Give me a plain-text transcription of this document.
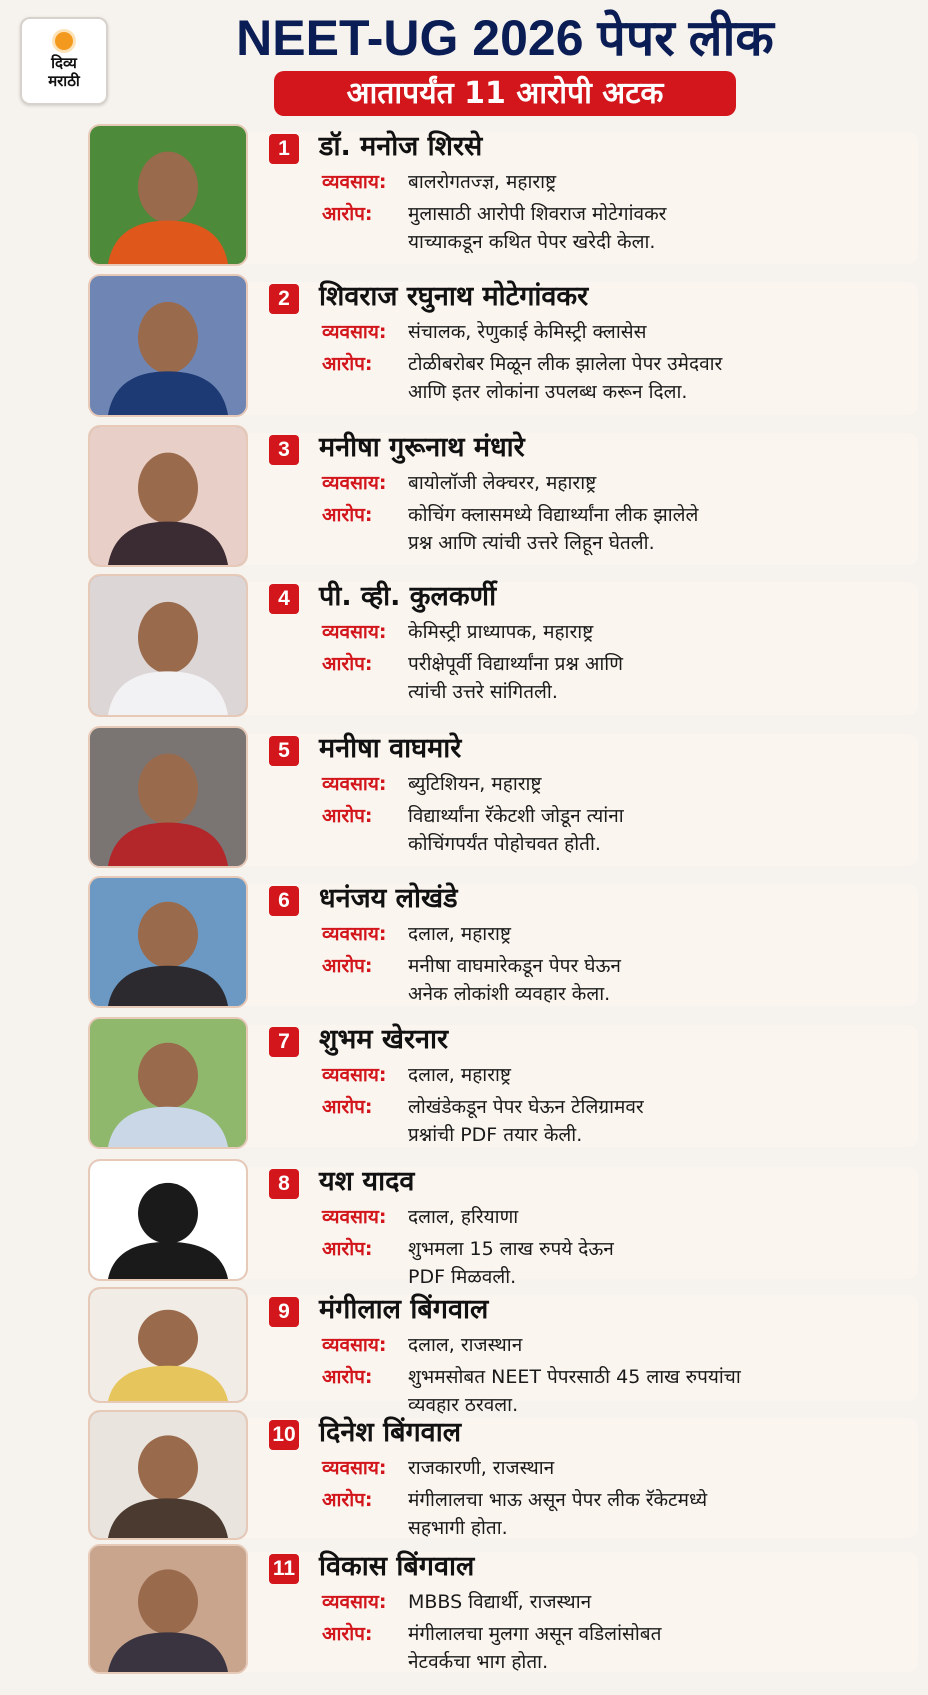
दिव्य
मराठी
NEET-UG 2026 पेपर लीक
आतापर्यंत 11 आरोपी अटक
1	डॉ. मनोज शिरसे
व्यवसाय: बालरोगतज्ज्ञ, महाराष्ट्र
आरोप: मुलासाठी आरोपी शिवराज मोटेगांवकर
याच्याकडून कथित पेपर खरेदी केला.
2	शिवराज रघुनाथ मोटेगांवकर
व्यवसाय: संचालक, रेणुकाई केमिस्ट्री क्लासेस
आरोप: टोळीबरोबर मिळून लीक झालेला पेपर उमेदवार
आणि इतर लोकांना उपलब्ध करून दिला.
3	मनीषा गुरूनाथ मंधारे
व्यवसाय: बायोलॉजी लेक्चरर, महाराष्ट्र
आरोप: कोचिंग क्लासमध्ये विद्यार्थ्यांना लीक झालेले
प्रश्न आणि त्यांची उत्तरे लिहून घेतली.
4	पी. व्ही. कुलकर्णी
व्यवसाय: केमिस्ट्री प्राध्यापक, महाराष्ट्र
आरोप: परीक्षेपूर्वी विद्यार्थ्यांना प्रश्न आणि
त्यांची उत्तरे सांगितली.
5	मनीषा वाघमारे
व्यवसाय: ब्युटिशियन, महाराष्ट्र
आरोप: विद्यार्थ्यांना रॅकेटशी जोडून त्यांना
कोचिंगपर्यंत पोहोचवत होती.
6	धनंजय लोखंडे
व्यवसाय: दलाल, महाराष्ट्र
आरोप: मनीषा वाघमारेकडून पेपर घेऊन
अनेक लोकांशी व्यवहार केला.
7	शुभम खेरनार
व्यवसाय: दलाल, महाराष्ट्र
आरोप: लोखंडेकडून पेपर घेऊन टेलिग्रामवर
प्रश्नांची PDF तयार केली.
8	यश यादव
व्यवसाय: दलाल, हरियाणा
आरोप: शुभमला 15 लाख रुपये देऊन
PDF मिळवली.
9	मंगीलाल बिंगवाल
व्यवसाय: दलाल, राजस्थान
आरोप: शुभमसोबत NEET पेपरसाठी 45 लाख रुपयांचा
व्यवहार ठरवला.
10 दिनेश बिंगवाल
व्यवसाय: राजकारणी, राजस्थान
आरोप: मंगीलालचा भाऊ असून पेपर लीक रॅकेटमध्ये
सहभागी होता.
11 विकास बिंगवाल
व्यवसाय: MBBS विद्यार्थी, राजस्थान
आरोप: मंगीलालचा मुलगा असून वडिलांसोबत
नेटवर्कचा भाग होता.
